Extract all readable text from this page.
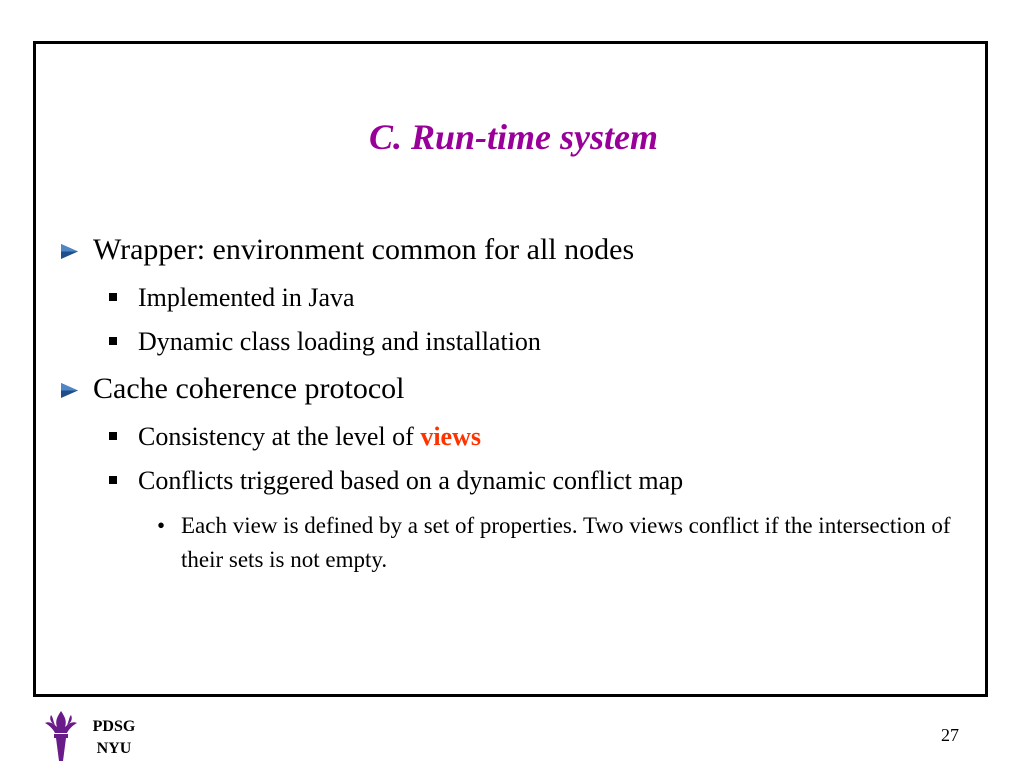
C. Run-time system
Wrapper: environment common for all nodes
Implemented in Java
Dynamic class loading and installation
Cache coherence protocol
Consistency at the level of views
Conflicts triggered based on a dynamic conflict map
• Each view is defined by a set of properties. Two views conflict if the intersection of their sets is not empty.
PDSG
NYU
27
